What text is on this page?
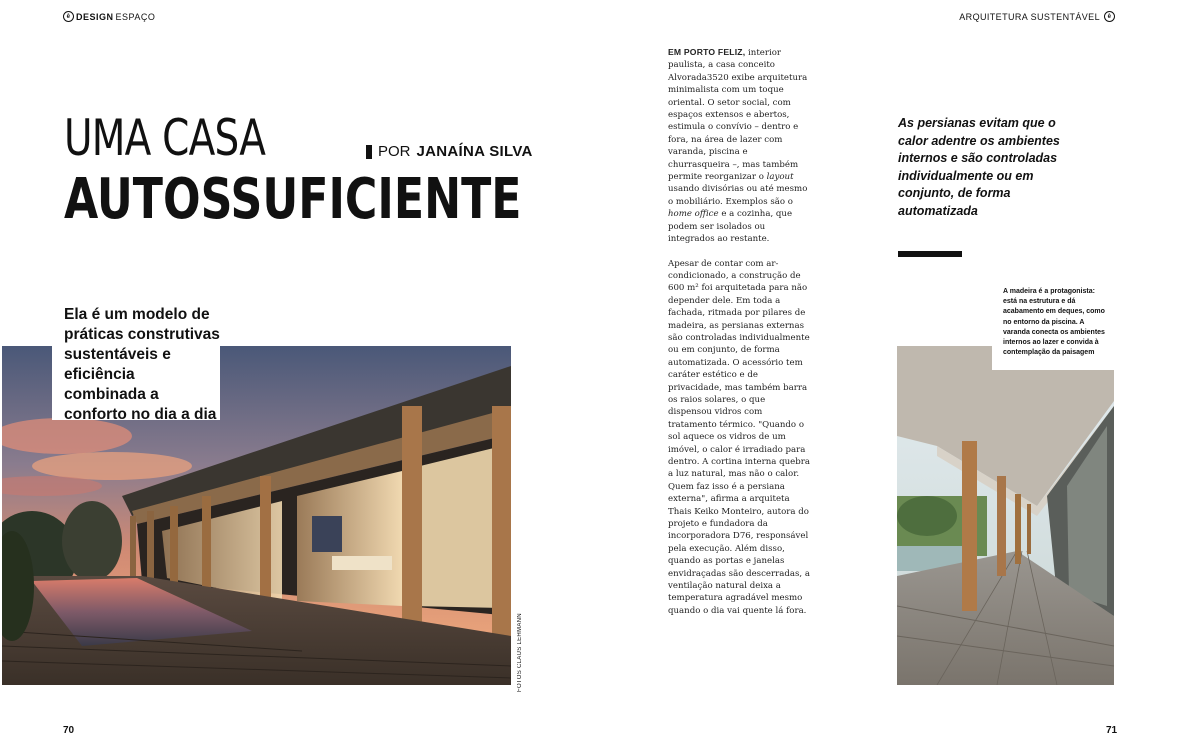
ê DESIGN ESPAÇO	ARQUITETURA SUSTENTÁVEL	ê
UMA CASA
AUTOSSUFICIENTE
POR JANAÍNA SILVA
Ela é um modelo de práticas construtivas sustentáveis e eficiência combinada a conforto no dia a dia
FOTOS CLAUS LEHMANN

EM PORTO FELIZ, interior paulista, a casa conceito Alvorada3520 exibe arquitetura minimalista com um toque oriental. O setor social, com espaços extensos e abertos, estimula o convívio – dentro e fora, na área de lazer com varanda, piscina e churrasqueira –, mas também permite reorganizar o layout usando divisórias ou até mesmo o mobiliário. Exemplos são o home office e a cozinha, que podem ser isolados ou integrados ao restante.

Apesar de contar com ar-condicionado, a construção de 600 m² foi arquitetada para não depender dele. Em toda a fachada, ritmada por pilares de madeira, as persianas externas são controladas individualmente ou em conjunto, de forma automatizada. O acessório tem caráter estético e de privacidade, mas também barra os raios solares, o que dispensou vidros com tratamento térmico. "Quando o sol aquece os vidros de um imóvel, o calor é irradiado para dentro. A cortina interna quebra a luz natural, mas não o calor. Quem faz isso é a persiana externa", afirma a arquiteta Thais Keiko Monteiro, autora do projeto e fundadora da incorporadora D76, responsável pela execução. Além disso, quando as portas e janelas envidraçadas são descerradas, a ventilação natural deixa a temperatura agradável mesmo quando o dia vai quente lá fora.

As persianas evitam que o calor adentre os ambientes internos e são controladas individualmente ou em conjunto, de forma automatizada
A madeira é a protagonista: está na estrutura e dá acabamento em deques, como no entorno da piscina. A varanda conecta os ambientes internos ao lazer e convida à contemplação da paisagem
70	71
